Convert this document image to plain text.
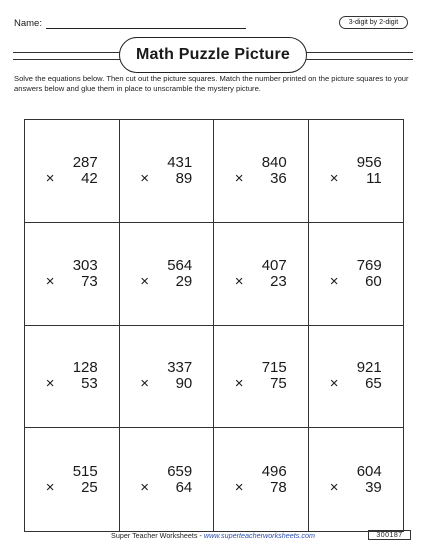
Name:	3-digit by 2-digit
Math Puzzle Picture
Solve the equations below. Then cut out the picture squares. Match the number printed on the picture squares to your answers below and glue them in place to unscramble the mystery picture.
287
× 42
431
× 89
840
× 36
956
× 11
303
× 73
564
× 29
407
× 23
769
× 60
128
× 53
337
× 90
715
× 75
921
× 65
515
× 25
659
× 64
496
× 78
604
× 39
Super Teacher Worksheets - www.superteacherworksheets.com	300187
